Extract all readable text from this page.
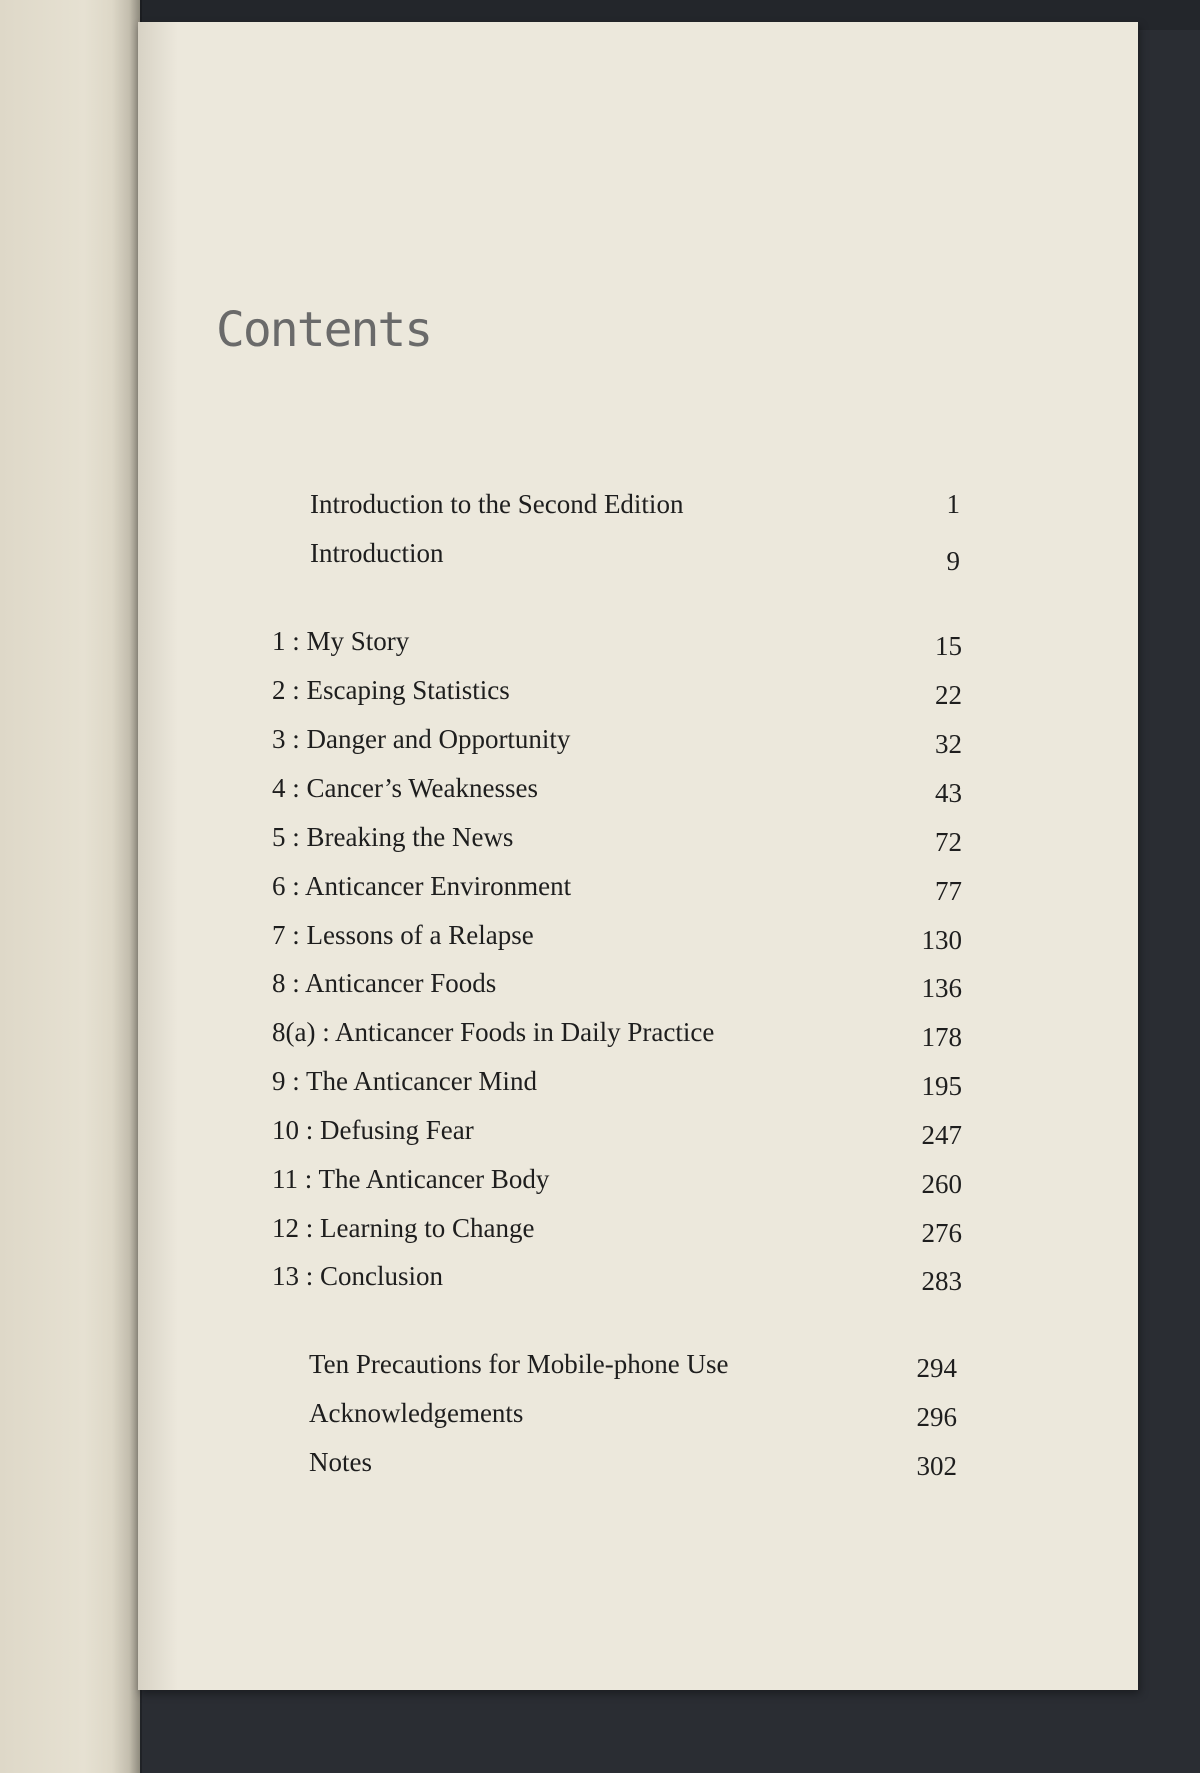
Contents
Introduction to the Second Edition	1
Introduction	9
1 : My Story	15
2 : Escaping Statistics	22
3 : Danger and Opportunity	32
4 : Cancer’s Weaknesses	43
5 : Breaking the News	72
6 : Anticancer Environment	77
7 : Lessons of a Relapse	130
8 : Anticancer Foods	136
8(a) : Anticancer Foods in Daily Practice	178
9 : The Anticancer Mind	195
10 : Defusing Fear	247
11 : The Anticancer Body	260
12 : Learning to Change	276
13 : Conclusion	283
Ten Precautions for Mobile-phone Use	294
Acknowledgements	296
Notes	302
